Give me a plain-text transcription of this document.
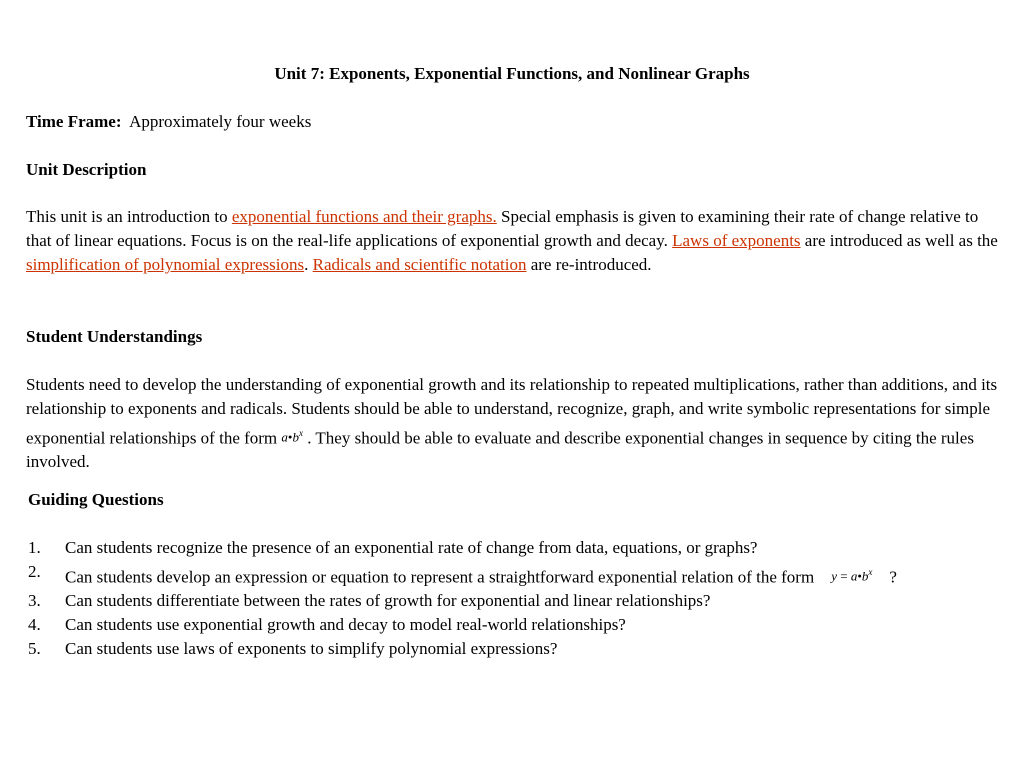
Unit 7: Exponents, Exponential Functions, and Nonlinear Graphs
Time Frame: Approximately four weeks
Unit Description
This unit is an introduction to exponential functions and their graphs. Special emphasis is given to examining their rate of change relative to that of linear equations. Focus is on the real-life applications of exponential growth and decay. Laws of exponents are introduced as well as the simplification of polynomial expressions. Radicals and scientific notation are re-introduced.
Student Understandings
Students need to develop the understanding of exponential growth and its relationship to repeated multiplications, rather than additions, and its relationship to exponents and radicals. Students should be able to understand, recognize, graph, and write symbolic representations for simple exponential relationships of the form $a•b^x$ . They should be able to evaluate and describe exponential changes in sequence by citing the rules involved.
Guiding Questions
1. Can students recognize the presence of an exponential rate of change from data, equations, or graphs?
2. Can students develop an expression or equation to represent a straightforward exponential relation of the form    $y = a•b^x$    ?
3. Can students differentiate between the rates of growth for exponential and linear relationships?
4. Can students use exponential growth and decay to model real-world relationships?
5. Can students use laws of exponents to simplify polynomial expressions?
